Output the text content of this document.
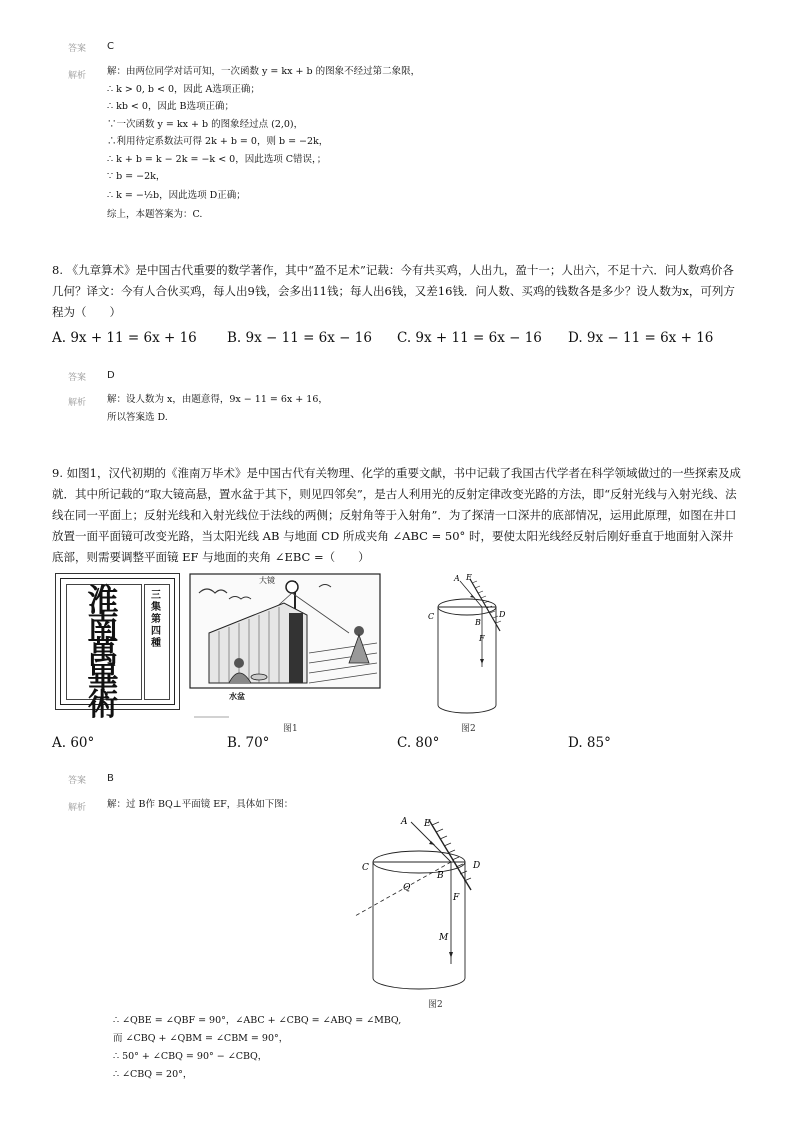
答案 C
解析 解：由两位同学对话可知，一次函数 y = kx + b 的图象不经过第二象限，
∴ k > 0, b < 0，因此 A选项正确；
∴ kb < 0，因此 B选项正确；
∵一次函数 y = kx + b 的图象经过点 (2,0)，
∴利用待定系数法可得 2k + b = 0，则 b = −2k，
∴ k + b = k − 2k = −k < 0，因此选项 C错误，；
∵ b = −2k，
∴ k = −½b，因此选项 D正确；
综上，本题答案为：C.
8. 《九章算术》是中国古代重要的数学著作，其中“盈不足术”记载：今有共买鸡，人出九，盈十一；人出六，不足十六．问人数鸡价各几何？译文：今有人合伙买鸡，每人出9钱，会多出11钱；每人出6钱，又差16钱．问人数、买鸡的钱数各是多少？设人数为x，可列方程为（　　）
A. 9x + 11 = 6x + 16 B. 9x − 11 = 6x − 16 C. 9x + 11 = 6x − 16 D. 9x − 11 = 6x + 16
答案 D
解析 解：设人数为 x，由题意得，9x − 11 = 6x + 16，
所以答案选 D.
9. 如图1，汉代初期的《淮南万毕术》是中国古代有关物理、化学的重要文献，书中记载了我国古代学者在科学领域做过的一些探索及成就．其中所记载的“取大镜高悬，置水盆于其下，则见四邻矣”，是古人利用光的反射定律改变光路的方法，即“反射光线与入射光线、法线在同一平面上；反射光线和入射光线位于法线的两侧；反射角等于入射角”．为了探清一口深井的底部情况，运用此原理，如图在井口放置一面平面镜可改变光路，当太阳光线 AB 与地面 CD 所成夹角 ∠ABC = 50° 时，要使太阳光线经反射后刚好垂直于地面射入深井底部，则需要调整平面镜 EF 与地面的夹角 ∠EBC =（　　）
淮南萬畢術
三集第四種
大镜
水盆
图1
A E
C	D
B
F
图2
A. 60°	B. 70°	C. 80°	D. 85°
答案 B
解析 解：过 B作 BQ⊥平面镜 EF，具体如下图：
A E
C	D
B
Q
F
M
图2
∴ ∠QBE = ∠QBF = 90°，∠ABC + ∠CBQ = ∠ABQ = ∠MBQ,
而 ∠CBQ + ∠QBM = ∠CBM = 90°，
∴ 50° + ∠CBQ = 90° − ∠CBQ，
∴ ∠CBQ = 20°，
